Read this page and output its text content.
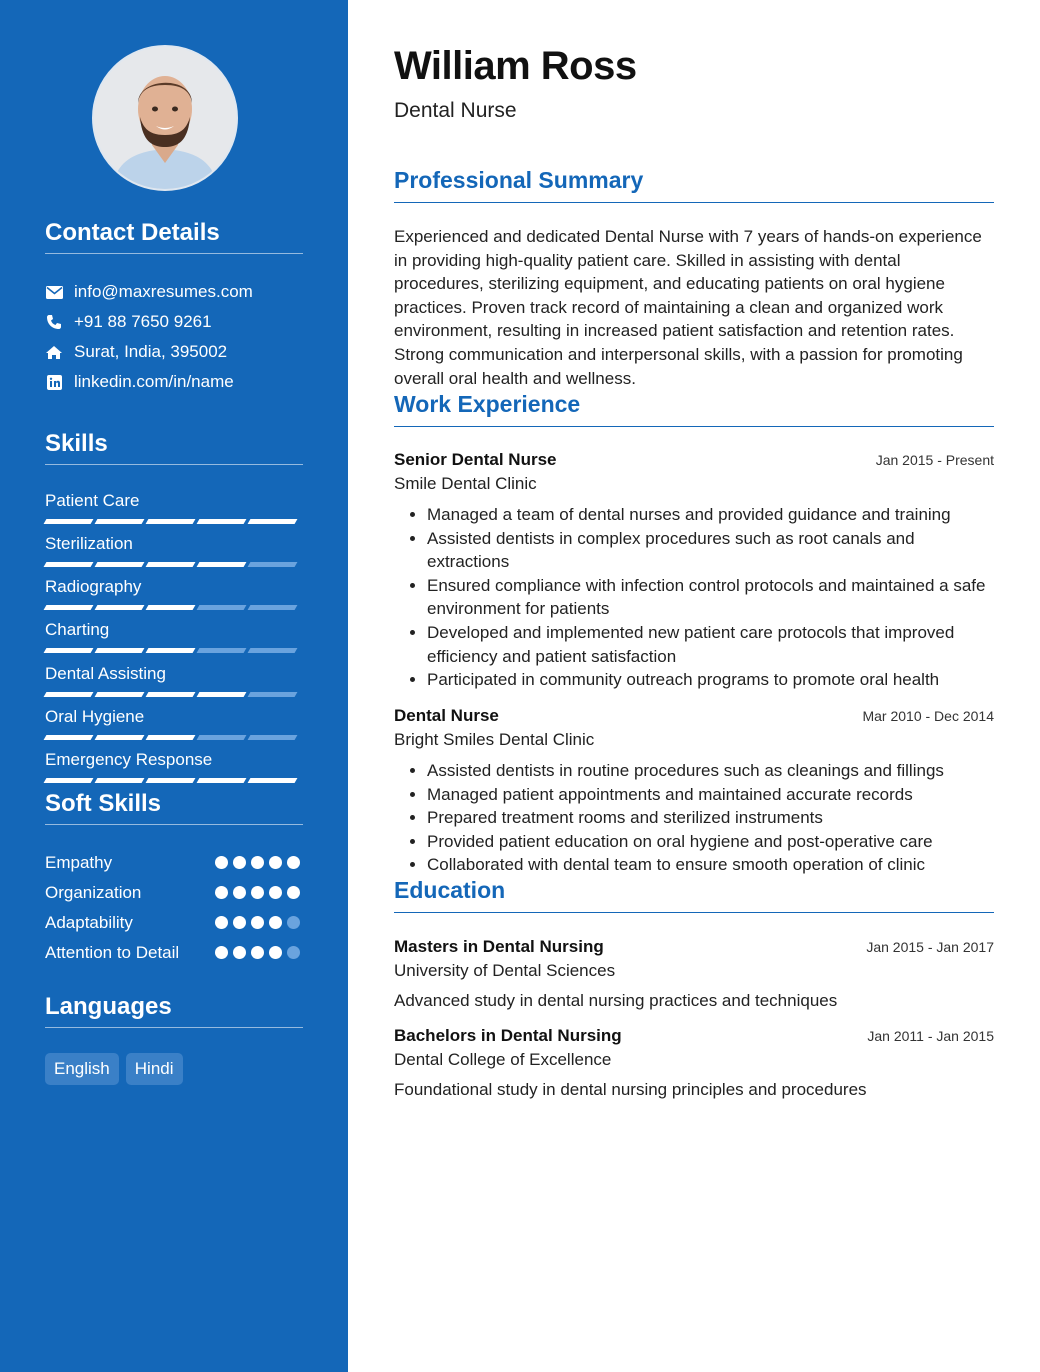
Contact Details
info@maxresumes.com
+91 88 7650 9261
Surat, India, 395002
linkedin.com/in/name
Skills
Patient Care
Sterilization
Radiography
Charting
Dental Assisting
Oral Hygiene
Emergency Response
Soft Skills
Empathy
Organization
Adaptability
Attention to Detail
Languages
English	Hindi
William Ross
Dental Nurse
Professional Summary

Experienced and dedicated Dental Nurse with 7 years of hands-on experience in providing high-quality patient care. Skilled in assisting with dental procedures, sterilizing equipment, and educating patients on oral hygiene practices. Proven track record of maintaining a clean and organized work environment, resulting in increased patient satisfaction and retention rates. Strong communication and interpersonal skills, with a passion for promoting overall oral health and wellness.

Work Experience
Senior Dental Nurse	Jan 2015 - Present
Smile Dental Clinic
• Managed a team of dental nurses and provided guidance and training
• Assisted dentists in complex procedures such as root canals and extractions
• Ensured compliance with infection control protocols and maintained a safe environment for patients
• Developed and implemented new patient care protocols that improved efficiency and patient satisfaction
• Participated in community outreach programs to promote oral health
Dental Nurse	Mar 2010 - Dec 2014
Bright Smiles Dental Clinic
• Assisted dentists in routine procedures such as cleanings and fillings
• Managed patient appointments and maintained accurate records
• Prepared treatment rooms and sterilized instruments
• Provided patient education on oral hygiene and post-operative care
• Collaborated with dental team to ensure smooth operation of clinic
Education
Masters in Dental Nursing	Jan 2015 - Jan 2017
University of Dental Sciences
Advanced study in dental nursing practices and techniques
Bachelors in Dental Nursing	Jan 2011 - Jan 2015
Dental College of Excellence
Foundational study in dental nursing principles and procedures
